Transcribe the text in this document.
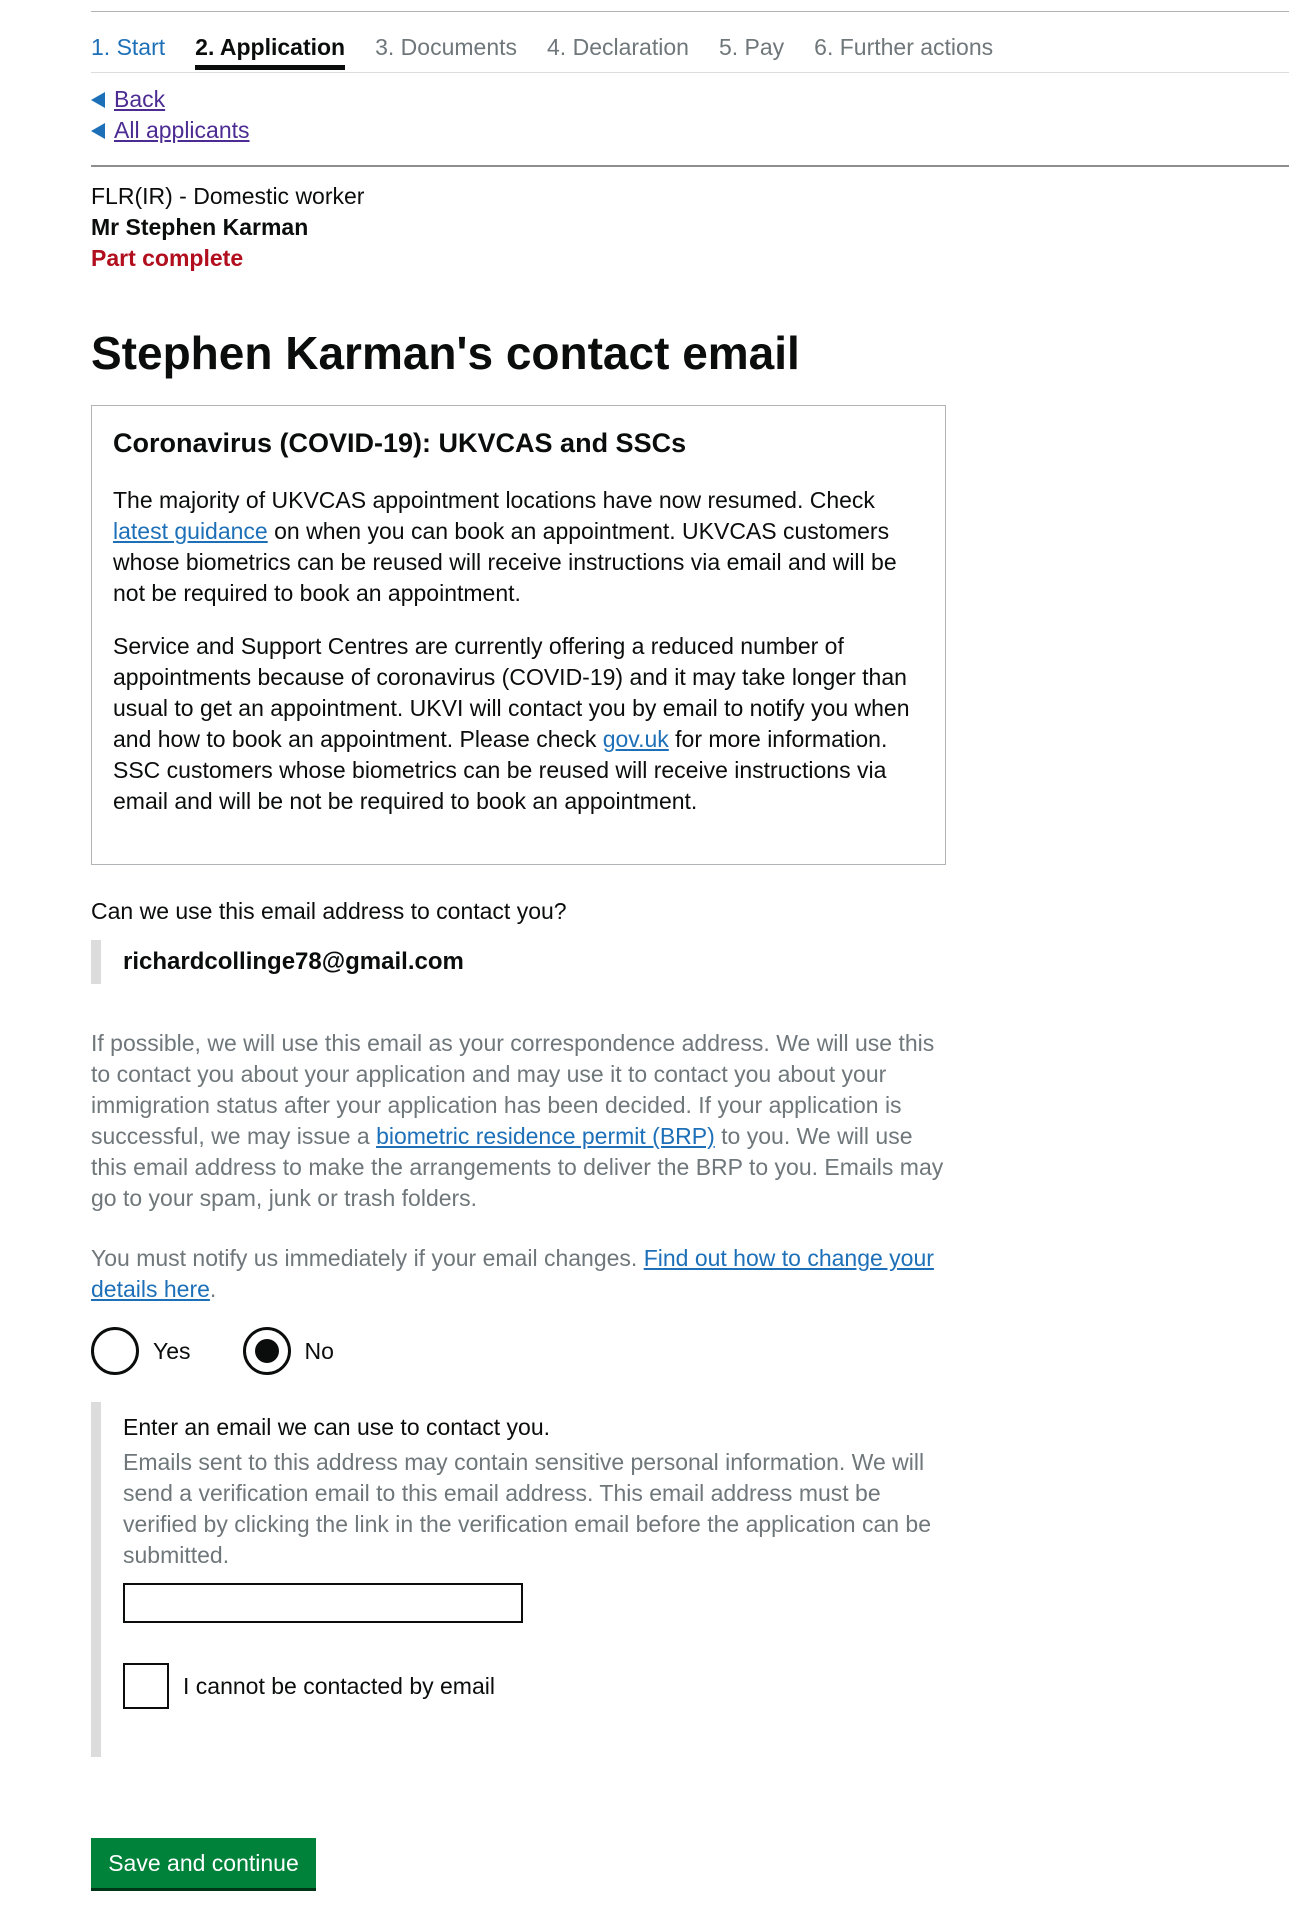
1. Start 2. Application 3. Documents 4. Declaration 5. Pay 6. Further actions
Back
All applicants
FLR(IR) - Domestic worker
Mr Stephen Karman
Part complete
Stephen Karman's contact email
Coronavirus (COVID-19): UKVCAS and SSCs

The majority of UKVCAS appointment locations have now resumed. Check latest guidance on when you can book an appointment. UKVCAS customers whose biometrics can be reused will receive instructions via email and will be not be required to book an appointment.

Service and Support Centres are currently offering a reduced number of appointments because of coronavirus (COVID-19) and it may take longer than usual to get an appointment. UKVI will contact you by email to notify you when and how to book an appointment. Please check gov.uk for more information. SSC customers whose biometrics can be reused will receive instructions via email and will be not be required to book an appointment.

Can we use this email address to contact you?
richardcollinge78@gmail.com

If possible, we will use this email as your correspondence address. We will use this to contact you about your application and may use it to contact you about your immigration status after your application has been decided. If your application is successful, we may issue a biometric residence permit (BRP) to you. We will use this email address to make the arrangements to deliver the BRP to you. Emails may go to your spam, junk or trash folders.

You must notify us immediately if your email changes. Find out how to change your details here.

Yes	No
Enter an email we can use to contact you.
Emails sent to this address may contain sensitive personal information. We will send a verification email to this email address. This email address must be verified by clicking the link in the verification email before the application can be submitted.
I cannot be contacted by email
Save and continue
